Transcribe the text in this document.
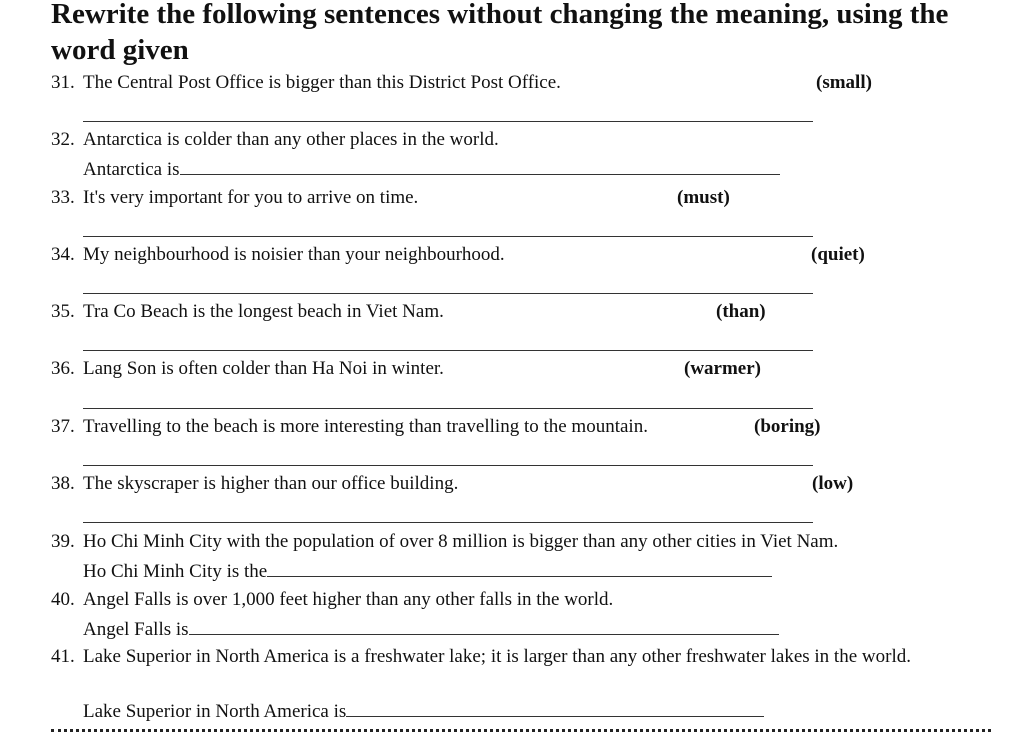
Rewrite the following sentences without changing the meaning, using the word given
31. The Central Post Office is bigger than this District Post Office.	(small)
32. Antarctica is colder than any other places in the world.
Antarctica is
33. It's very important for you to arrive on time.	(must)
34. My neighbourhood is noisier than your neighbourhood.	(quiet)
35. Tra Co Beach is the longest beach in Viet Nam.	(than)
36. Lang Son is often colder than Ha Noi in winter.	(warmer)
37. Travelling to the beach is more interesting than travelling to the mountain.	(boring)
38. The skyscraper is higher than our office building.	(low)
39. Ho Chi Minh City with the population of over 8 million is bigger than any other cities in Viet Nam.
Ho Chi Minh City is the
40. Angel Falls is over 1,000 feet higher than any other falls in the world.
Angel Falls is
41. Lake Superior in North America is a freshwater lake; it is larger than any other freshwater lakes in the world.
Lake Superior in North America is
